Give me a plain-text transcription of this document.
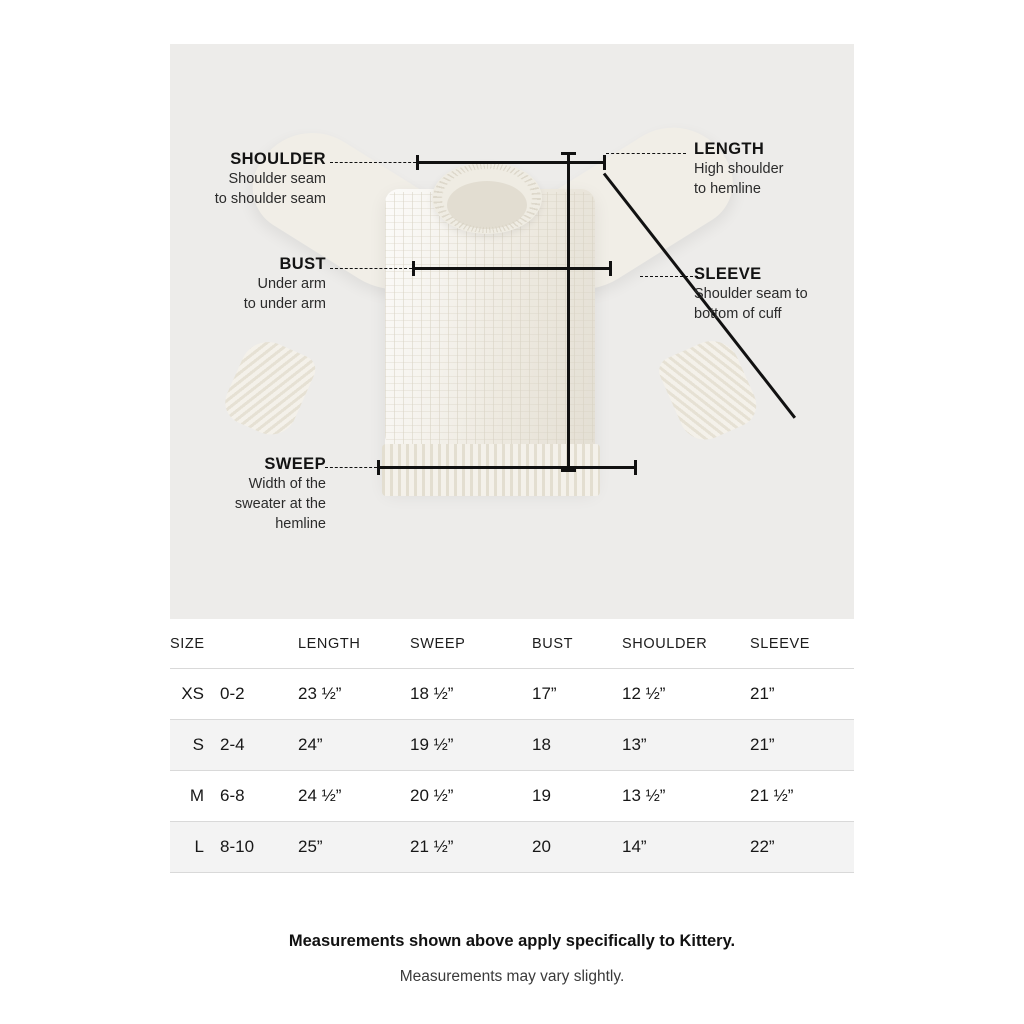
SHOULDER
Shoulder seam
to shoulder seam
BUST
Under arm
to under arm
SWEEP
Width of the
sweater at the
hemline
LENGTH
High shoulder
to hemline
SLEEVE
Shoulder seam to
bottom of cuff
SIZE	LENGTH	SWEEP	BUST	SHOULDER	SLEEVE

XS 0-2	23 ½”	18 ½”	17”	12 ½”	21”

S 2-4	24”	19 ½”	18	13”	21”

M 6-8	24 ½”	20 ½”	19	13 ½”	21 ½”

L 8-10	25”	21 ½”	20	14”	22”
Measurements shown above apply specifically to Kittery.
Measurements may vary slightly.
